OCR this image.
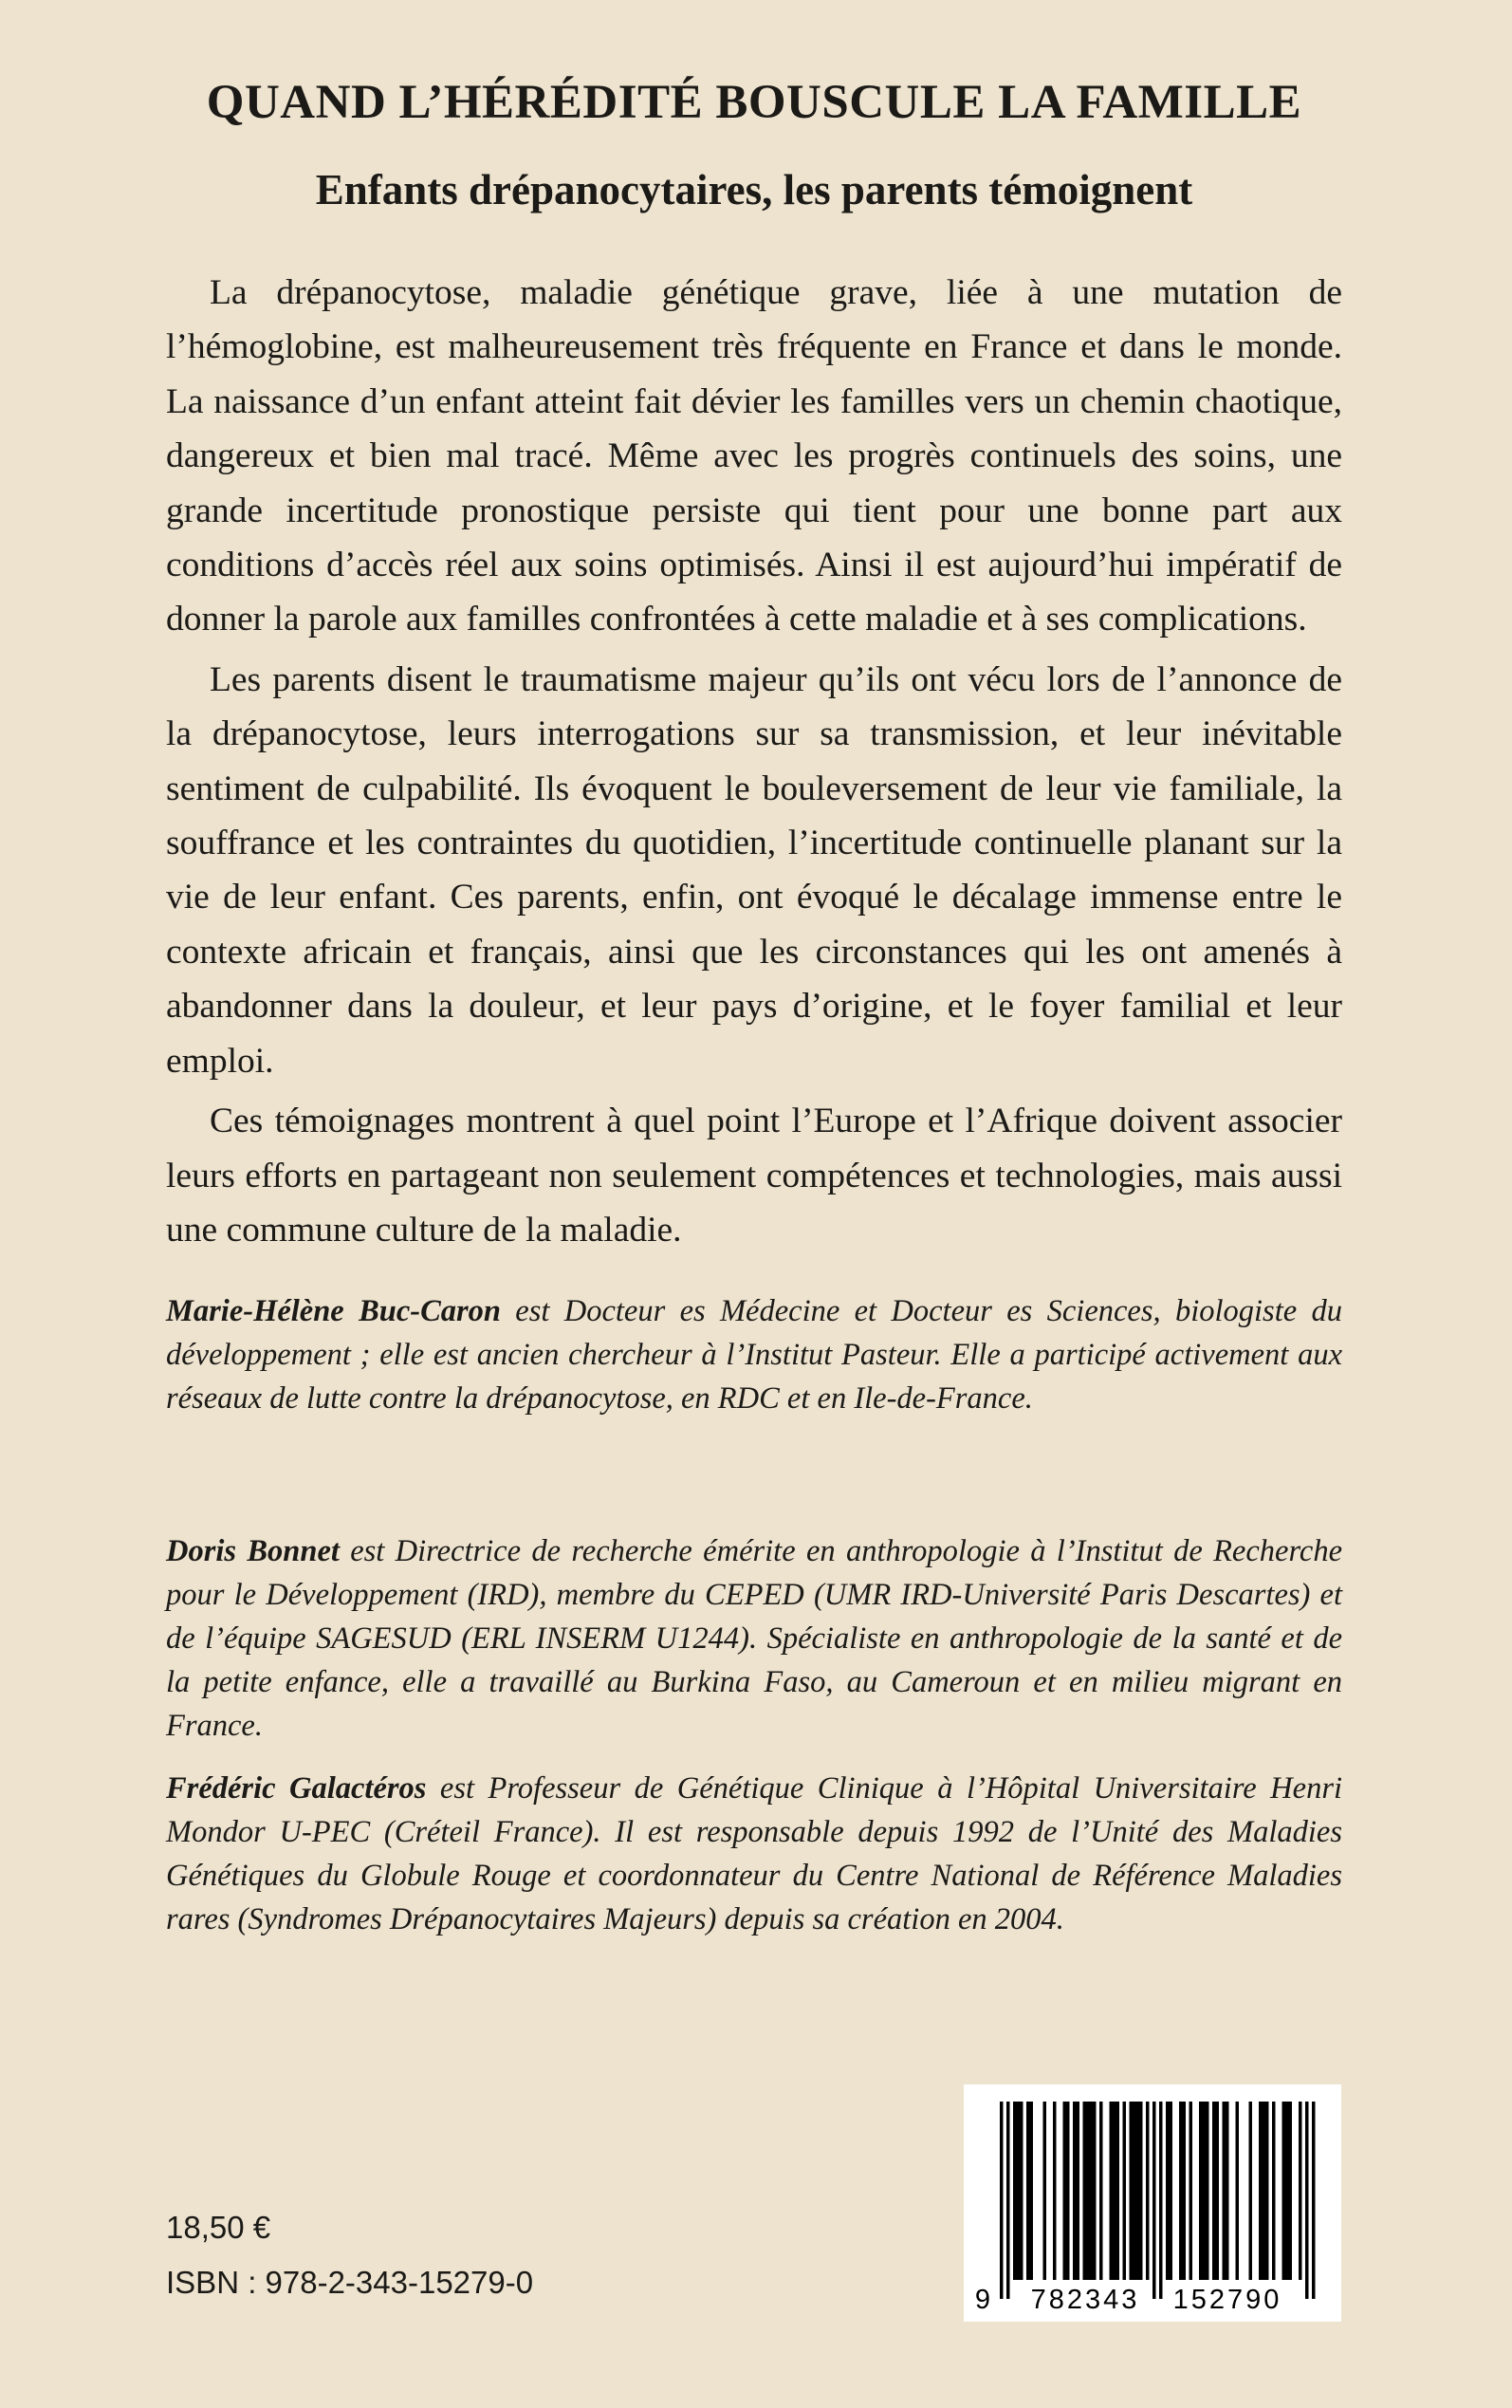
QUAND L’HÉRÉDITÉ BOUSCULE LA FAMILLE
Enfants drépanocytaires, les parents témoignent

La drépanocytose, maladie génétique grave, liée à une mutation de l’hémoglobine, est malheureusement très fréquente en France et dans le monde. La naissance d’un enfant atteint fait dévier les familles vers un chemin chaotique, dangereux et bien mal tracé. Même avec les progrès continuels des soins, une grande incertitude pronostique persiste qui tient pour une bonne part aux conditions d’accès réel aux soins optimisés. Ainsi il est aujourd’hui impératif de donner la parole aux familles confrontées à cette maladie et à ses complications.

Les parents disent le traumatisme majeur qu’ils ont vécu lors de l’annonce de la drépanocytose, leurs interrogations sur sa transmission, et leur inévitable sentiment de culpabilité. Ils évoquent le bouleversement de leur vie familiale, la souffrance et les contraintes du quotidien, l’incertitude continuelle planant sur la vie de leur enfant. Ces parents, enfin, ont évoqué le décalage immense entre le contexte africain et français, ainsi que les circonstances qui les ont amenés à abandonner dans la douleur, et leur pays d’origine, et le foyer familial et leur emploi.

Ces témoignages montrent à quel point l’Europe et l’Afrique doivent associer leurs efforts en partageant non seulement compétences et technologies, mais aussi une commune culture de la maladie.

Marie-Hélène Buc-Caron est Docteur es Médecine et Docteur es Sciences, biologiste du développement ; elle est ancien chercheur à l’Institut Pasteur. Elle a participé activement aux réseaux de lutte contre la drépanocytose, en RDC et en Ile-de-France.

Doris Bonnet est Directrice de recherche émérite en anthropologie à l’Institut de Recherche pour le Développement (IRD), membre du CEPED (UMR IRD-Université Paris Descartes) et de l’équipe SAGESUD (ERL INSERM U1244). Spécialiste en anthropologie de la santé et de la petite enfance, elle a travaillé au Burkina Faso, au Cameroun et en milieu migrant en France.

Frédéric Galactéros est Professeur de Génétique Clinique à l’Hôpital Universitaire Henri Mondor U-PEC (Créteil France). Il est responsable depuis 1992 de l’Unité des Maladies Génétiques du Globule Rouge et coordonnateur du Centre National de Référence Maladies rares (Syndromes Drépanocytaires Majeurs) depuis sa création en 2004.

18,50 €

ISBN : 978-2-343-15279-0	9 782343 152790
